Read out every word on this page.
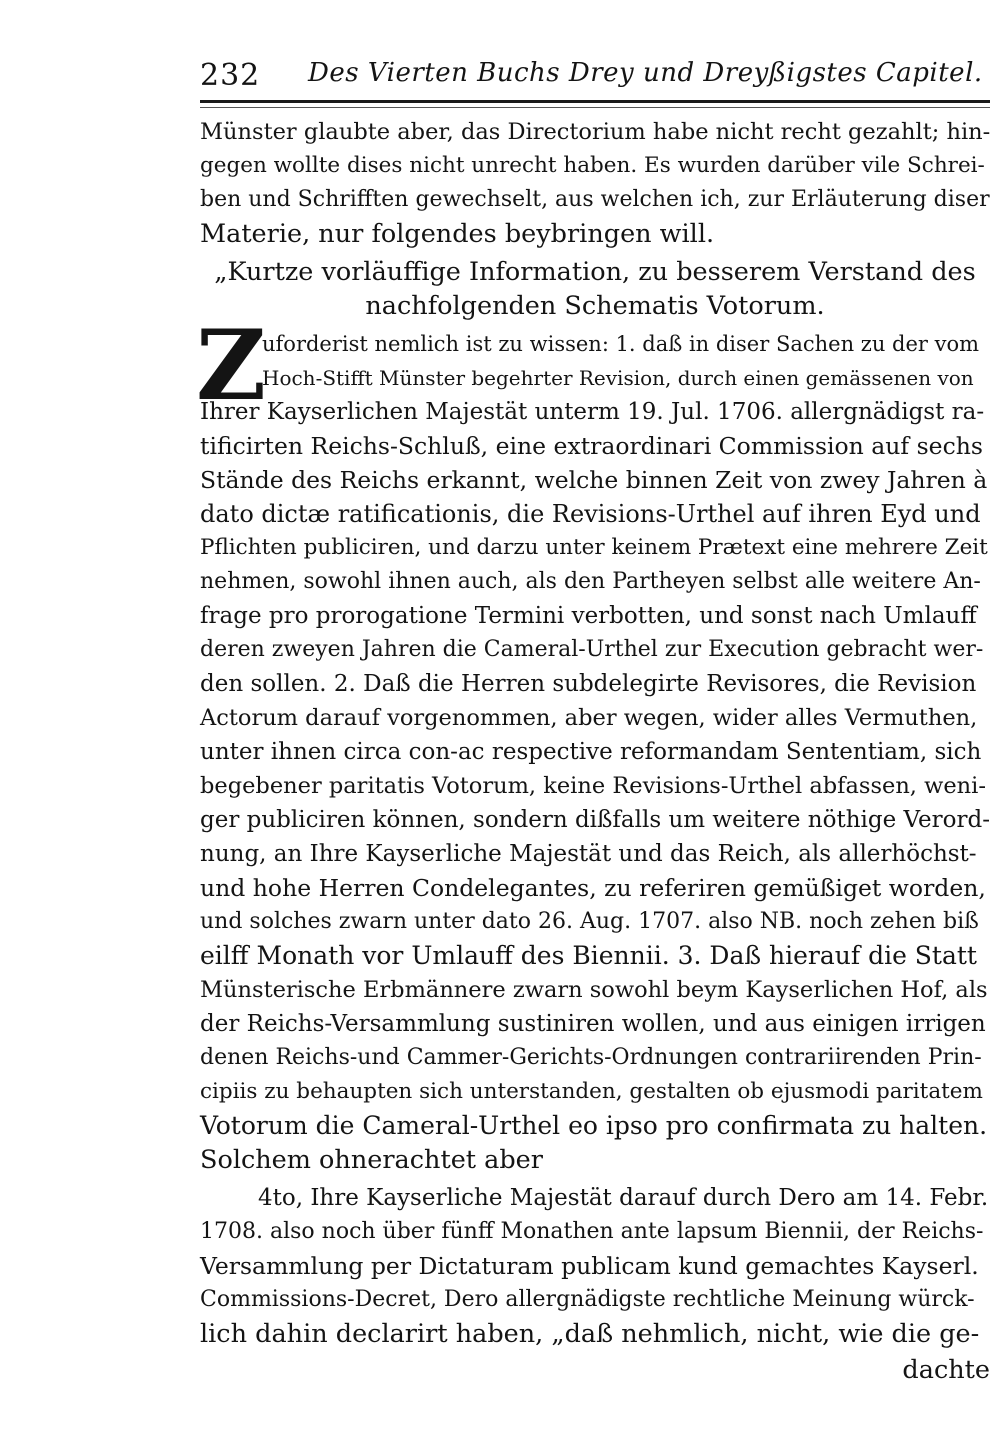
232 Des Vierten Buchs Drey und Dreyßigstes Capitel.
Münster glaubte aber, das Directorium habe nicht recht gezahlt; hin-
gegen wollte dises nicht unrecht haben. Es wurden darüber vile Schrei-
ben und Schrifften gewechselt, aus welchen ich, zur Erläuterung diser
Materie, nur folgendes beybringen will.
„Kurtze vorläuffige Information, zu besserem Verstand des
nachfolgenden Schematis Votorum.
Z
uforderist nemlich ist zu wissen: 1. daß in diser Sachen zu der vom
Hoch-Stifft Münster begehrter Revision, durch einen gemässenen von
Ihrer Kayserlichen Majestät unterm 19. Jul. 1706. allergnädigst ra-
tificirten Reichs-Schluß, eine extraordinari Commission auf sechs
Stände des Reichs erkannt, welche binnen Zeit von zwey Jahren à
dato dictæ ratificationis, die Revisions-Urthel auf ihren Eyd und
Pflichten publiciren, und darzu unter keinem Prætext eine mehrere Zeit
nehmen, sowohl ihnen auch, als den Partheyen selbst alle weitere An-
frage pro prorogatione Termini verbotten, und sonst nach Umlauff
deren zweyen Jahren die Cameral-Urthel zur Execution gebracht wer-
den sollen. 2. Daß die Herren subdelegirte Revisores, die Revision
Actorum darauf vorgenommen, aber wegen, wider alles Vermuthen,
unter ihnen circa con-ac respective reformandam Sententiam, sich
begebener paritatis Votorum, keine Revisions-Urthel abfassen, weni-
ger publiciren können, sondern dißfalls um weitere nöthige Verord-
nung, an Ihre Kayserliche Majestät und das Reich, als allerhöchst-
und hohe Herren Condelegantes, zu referiren gemüßiget worden,
und solches zwarn unter dato 26. Aug. 1707. also NB. noch zehen biß
eilff Monath vor Umlauff des Biennii. 3. Daß hierauf die Statt
Münsterische Erbmännere zwarn sowohl beym Kayserlichen Hof, als
der Reichs-Versammlung sustiniren wollen, und aus einigen irrigen
denen Reichs-und Cammer-Gerichts-Ordnungen contrariirenden Prin-
cipiis zu behaupten sich unterstanden, gestalten ob ejusmodi paritatem
Votorum die Cameral-Urthel eo ipso pro confirmata zu halten.
Solchem ohnerachtet aber
4to, Ihre Kayserliche Majestät darauf durch Dero am 14. Febr.
1708. also noch über fünff Monathen ante lapsum Biennii, der Reichs-
Versammlung per Dictaturam publicam kund gemachtes Kayserl.
Commissions-Decret, Dero allergnädigste rechtliche Meinung würck-
lich dahin declarirt haben, „daß nehmlich, nicht, wie die ge-
dachte
